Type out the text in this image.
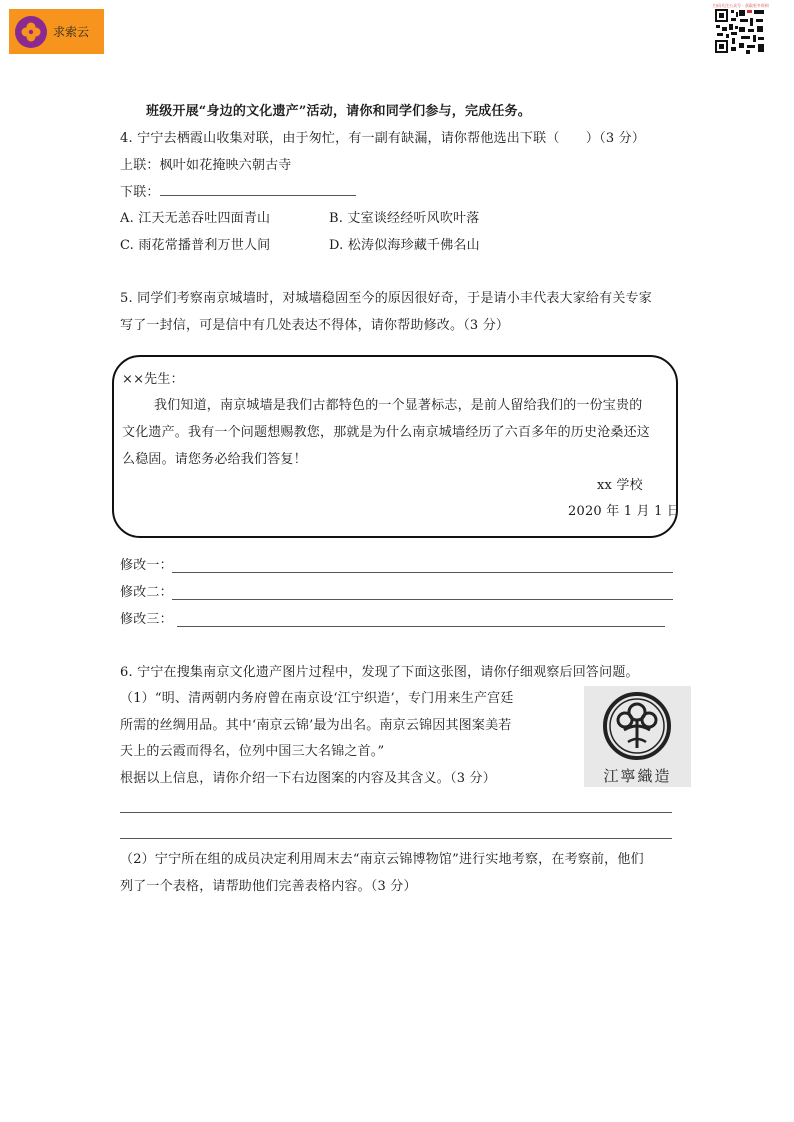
求索云
扫码关注公众号 · 获取更多资料
班级开展“身边的文化遗产”活动，请你和同学们参与，完成任务。
4. 宁宁去栖霞山收集对联，由于匆忙，有一副有缺漏，请你帮他选出下联（　　）（3 分）
上联：枫叶如花掩映六朝古寺
下联：
A. 江天无恙吞吐四面青山	B. 丈室谈经经听风吹叶落
C. 雨花常播普利万世人间	D. 松涛似海珍藏千佛名山
5. 同学们考察南京城墙时，对城墙稳固至今的原因很好奇，于是请小丰代表大家给有关专家
写了一封信，可是信中有几处表达不得体，请你帮助修改。（3 分）
××先生：
我们知道，南京城墙是我们古都特色的一个显著标志，是前人留给我们的一份宝贵的
文化遗产。我有一个问题想赐教您，那就是为什么南京城墙经历了六百多年的历史沧桑还这
么稳固。请您务必给我们答复！
xx 学校
2020 年 1 月 1 日
修改一：
修改二：
修改三：
6. 宁宁在搜集南京文化遗产图片过程中，发现了下面这张图，请你仔细观察后回答问题。
（1）“明、清两朝内务府曾在南京设‘江宁织造’，专门用来生产宫廷
所需的丝绸用品。其中‘南京云锦’最为出名。南京云锦因其图案美若
天上的云霞而得名，位列中国三大名锦之首。”
根据以上信息，请你介绍一下右边图案的内容及其含义。（3 分）	江寧織造
（2）宁宁所在组的成员决定利用周末去“南京云锦博物馆”进行实地考察，在考察前，他们
列了一个表格，请帮助他们完善表格内容。（3 分）
